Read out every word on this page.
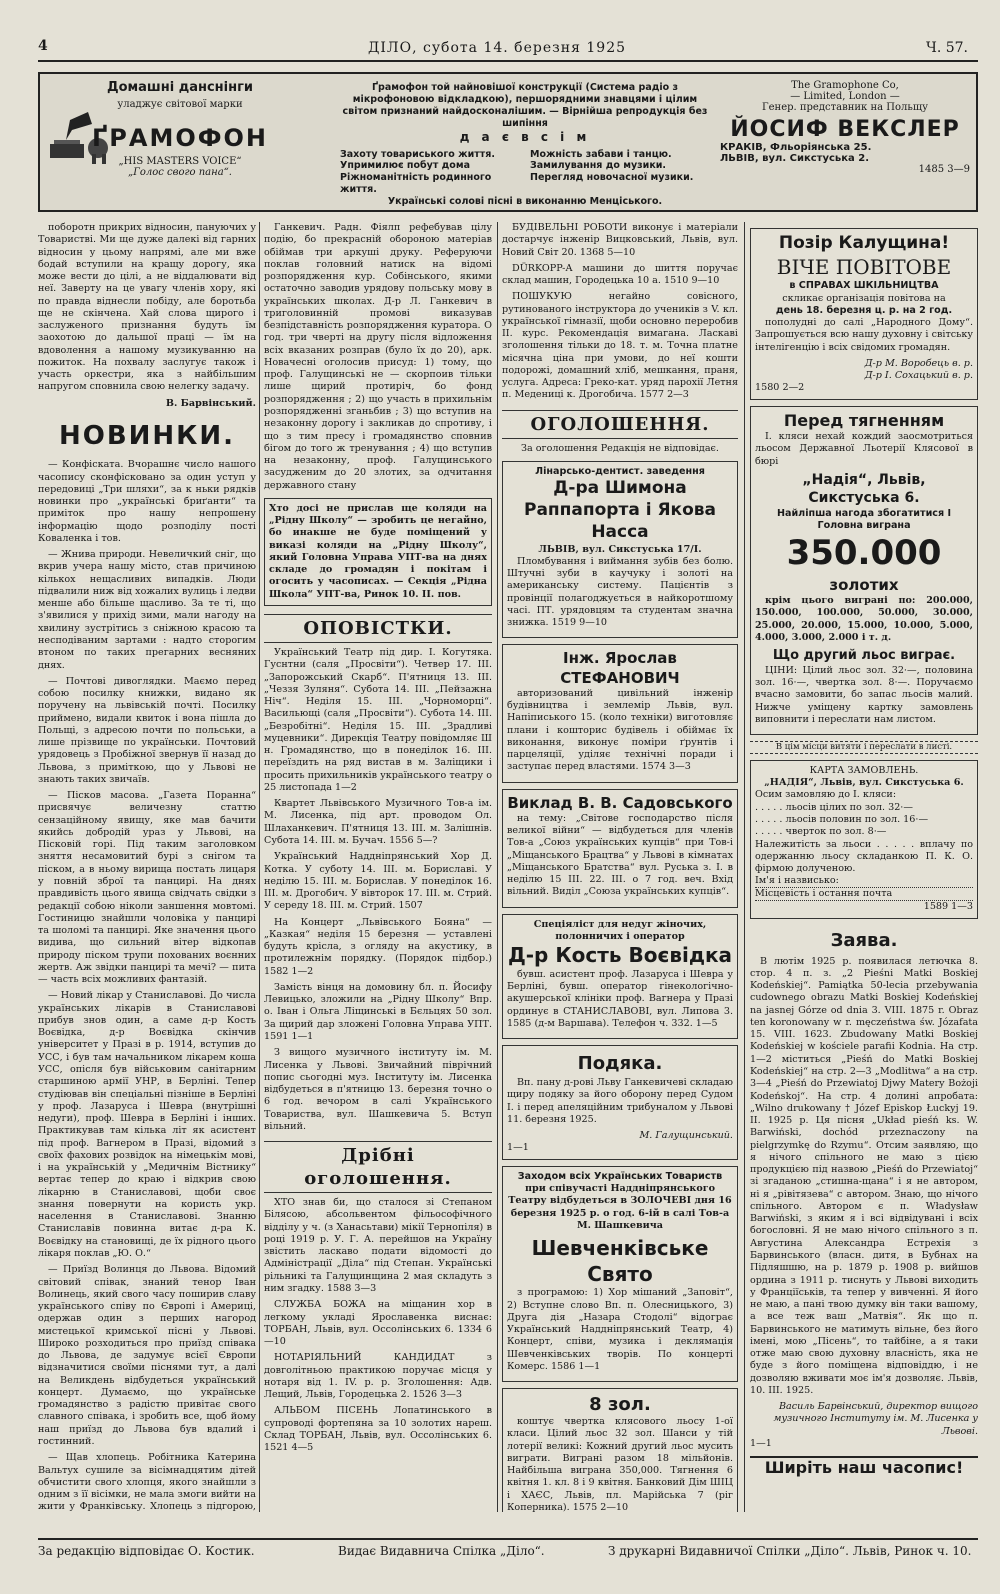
4	ДІЛО, субота 14. березня 1925	Ч. 57.
Домашні данснінги
уладжує світової марки
ҐРАМОФОН
„HIS MASTERS VOICE“
„Голос свого пана“.
Ґрамофон той найновішої конструкції (Система радіо з мікрофоновою відкладкою), першорядними знавцями і цілим світом признаний найдосконалішим. — Вірнійша репродукція без шипіння
д а є в с і м
Захоту товариського життя. Упримилює побут дома Ріжноманітність родинного життя.
Можність забави і танцю. Замилування до музики. Перегляд новочасної музики.
Українські солові пісні в виконанню Менціського.
The Gramophone Co,
— Limited, London —
Генер. представник на Польщу
ЙОСИФ ВЕКСЛЕР
КРАКІВ, Фльоріянська 25.
ЛЬВІВ, вул. Сикстуська 2.
1485 3—9

поборотн прикрих відносин, пануючих у Товаристві. Ми ще дуже далекі від гарних відносин у цьому напрямі, але ми вже бодай вступили на кращу дорогу, яка може вести до цілі, а не віддалювати від неї. Заверту на це увагу членів хору, які по правда віднесли побіду, але боротьба ще не скінчена. Хай слова щирого і заслуженого признання будуть їм заохотою до дальшої праці — їм на вдоволення а нашому музикуванню на пожиток. На похвалу заслугує також і участь оркестри, яка з найбільшим напругом сповнила свою нелегку задачу.

В. Барвінський.
НОВИНКИ.

— Конфіската. Вчорашнє число нашого часопису сконфісковано за один уступ у передовиці „Три шляхи“, за к ньки рядків новинки про „українські бриґанти“ та приміток про нашу непрошену інформацію щодо розподілу пості Коваленка і тов.

— Жнива природи. Невеличкий сніг, що вкрив учера нашу місто, став причиною кількох нещасливих випадків. Люди підвалили ниж від хожалих вулиць і ледви менше або більше щасливо. За те ті, що з'явилися у прихід зими, мали нагоду на хвилину зустрітись з сніжною красою та несподіваним зартами : надто сторогим втоном по таких прегарних весняних днях.

— Почтові дивоглядки. Маємо перед собою посилку книжки, видано як поручену на львівській почті. Посилку приймено, видали квиток і вона пішла до Польщі, з адресою почти по польськи, а лише прізвище по українськи. Почтовий урядовець з Пробіжної звернув її назад до Львова, з приміткою, що у Львові не знають таких звичаїв.

— Пісков масова. „Газета Поранна“ присвячує величезну статтю сензаційному явищу, яке мав бачити якийсь добродій ураз у Львові, на Пісковій горі. Під таким заголовком зняття несамовитий бурі з снігом та піском, а в ньому вирища постать лицаря у повній зброї та панцирі. На днях правдивість цього явища свідчать свідки з редакції собою ніколи заншення мовтомі. Гостиницю знайшли чоловіка у панцирі та шоломі та панцирі. Яке значення цього видива, що сильний вітер відкопав природу піском трупи похованих воєнних жертв. Аж звідки панцирі та мечі? — пита — часть всіх можливих фантазій.

— Новий лікар у Станиславові. До числа українських лікарів в Станиславові прибув знов один, а саме д-р Кость Воєвідка, д-р Воєвідка скінчив університет у Празі в р. 1914, вступив до УСС, і був там начальником лікарем коша УСС, опісля був військовим санітарним старшиною армії УНР, в Берліні. Тепер студіював він спеціальні пізніше в Берліні у проф. Лазаруса і Шевра (внутрішні недуги), проф. Шевра в Берліні і інших. Практикував там кілька літ як асистент під проф. Вагнером в Празі, відомий з своїх фахових розвідок на німецькім мові, і на українській у „Медичнім Вістнику“ вертає тепер до краю і відкрив свою лікарню в Станиславові, щоби своє знання повернути на користь укр. населення в Станиславові. Знанню Станиславів повинна витає д-ра К. Воєвідку на становищі, де їх рідного цього лікаря поклав „Ю. О.“

— Приїзд Волинця до Львова. Відомий світовий співак, знаний тенор Іван Волинець, який свого часу поширив славу українського співу по Європі і Америці, одержав один з перших нагород мистецької кримської пісні у Львові. Широко розходиться про приїзд співака до Львова, де задумує всієї Європи відзначитися своїми піснями тут, а далі на Великдень відбудеться український концерт. Думаємо, що українське громадянство з радістю привітає свого славного співака, і зробить все, щоб йому наш приїзд до Львова був вдалий і гостинний.

— Щав хлопець. Робітника Катерина Вальтух сушиле за вісімнадцятим дітей обчистити свого хлопця, якого знайшли з одним з її вісімки, не мала змоги вийти на жити у Франківську. Хлопець з підгорою,

Ганкевич. Радн. Фіялп рефебував цілу подію, бо прекрасній обороною матеріав обіймав три аркуші друку. Реферуючи поклав головний натиск на відомі розпорядження кур. Собінського, якими остаточно заводив урядову польську мову в українських школах. Д-р Л. Ганкевич в триголовинній промові виказував безпідставність розпорядження куратора. О год. три чверті на другу після відложення всіх вказаних розправ (було їх до 20), арк. Новачесні оголосив присуд: 1) тому, що проф. Галущинські не — скорпоив тільки лише щирий протиріч, бо фонд розпорядження ; 2) що участь в прихильнім розпорядженні зганьбив ; 3) що вступив на незаконну дорогу і закликав до спротиву, і що з тим пресу і громадянство сповнив бігом до того ж тренування ; 4) що вступив на незаконну, проф. Галущинського засудженим до 20 злотих, за одчитання державного стану

Хто досі не прислав ще коляди на „Рідну Школу“ — зробить це негайно, бо инакше не буде поміщений у виказі коляди на „Рідну Школу“, який Головна Управа УПТ-ва на днях складе до громадян і покітам і огосить у часописах. — Секція „Рідна Школа“ УПТ-ва, Ринок 10. II. пов.
ОПОВІСТКИ.

Український Театр під дир. І. Когутяка. Гуснтни (саля „Просвіти“). Четвер 17. ІІІ. „Запорожський Скарб“. П'ятниця 13. ІІІ. „Чеззя Зуляня“. Субота 14. ІІІ. „Пейзажна Ніч“. Неділя 15. ІІІ. „Чорноморці“. Васильющі (саля „Просвіти“). Субота 14. ІІІ. „Безробітні“. Неділя 15. ІІІ. „Зрадливі муцевники“. Дирекція Театру повідомляє Ш н. Громадянство, що в понеділок 16. ІІІ. переїздить на ряд вистав в м. Заліщики і просить прихильників українського театру о 25 листопада 1—2

Квартет Львівського Музичного Тов-а ім. М. Лисенка, під арт. проводом Ол. Шлаханкевич. П'ятниця 13. ІІІ. м. Залішнів. Субота 14. ІІІ. м. Бучач. 1556 5—?

Український Наддніпрянський Хор Д. Котка. У суботу 14. ІІІ. м. Бориславі. У неділю 15. ІІІ. м. Борислав. У понеділок 16. ІІІ. м. Дрогобич. У вівторок 17. ІІІ. м. Стрий. У середу 18. ІІІ. м. Стрий. 1507

На Концерт „Львівського Бояна“ — „Казкая“ неділя 15 березня — уставлені будуть крісла, з огляду на акустику, в протилежнім порядку. (Порядок підбор.) 1582 1—2

Замість вінця на домовину бл. п. Йосифу Левицько, зложили на „Рідну Школу“ Впр. о. Іван і Ольга Ліщинські в Бєльцях 50 зол. За щирий дар зложені Головна Управа УПТ. 1591 1—1

З вищого музичного інституту ім. М. Лисенка у Львові. Звичайний піврічний попис сьогодні муз. Інституту ім. Лисенка відбудеться в п'ятницю 13. березня точно о 6 год. вечором в салі Українського Товариства, вул. Шашкевича 5. Вступ вільний.

Дрібні оголошення.

ХТО знав би, що сталося зі Степаном Білясою, абсольвентом фільософічного відділу у ч. (з Ханасьтави) мікії Тернопіля) в році 1919 р. У. Г. А. перейшов на Україну звістить ласкаво подати відомості до Адміністрації „Діла“ під Степан. Українські рільникі та Галущинщина 2 мая складуть з ним згадку. 1588 3—3

СЛУЖБА БОЖА на міщанин хор в легкому укладі Ярославенка виснає: ТОРБАН, Львів, вул. Оссолінських 6. 1334 6—10

НОТАРІЯЛЬНИЙ КАНДИДАТ з довголітньою практикою поручає місця у нотаря від 1. ІV. р. р. Зголошення: Адв. Лещий, Львів, Городецька 2. 1526 3—3

АЛЬБОМ ПІСЕНЬ Лопатинського в супроводі фортепяна за 10 золотих нареш. Склад ТОРБАН, Львів, вул. Оссолінських 6. 1521 4—5

БУДІВЕЛЬНІ РОБОТИ виконує і матеріали достарчує інженір Вицковський, Львів, вул. Новий Світ 20. 1368 5—10

DÜRKOPP-А машини до шиття поручає склад машин, Городецька 10 а. 1510 9—10

ПОШУКУЮ негайно совісного, рутинованого інструктора до учеників з V. кл. української гімназії, щоби основно переробив II. курс. Рекомендація вимагана. Ласкаві зголошення тільки до 18. т. м. Точна платне місячна ціна при умови, до неї кошти подорожі, домашний хліб, мешкання, праня, услуга. Адреса: Греко-кат. уряд парохії Летня п. Медениці к. Дрогобича. 1577 2—3

ОГОЛОШЕННЯ.
За оголошення Редакція не відповідає.
Лінарсько-дентист. заведення
Д-ра Шимона Раппапорта і Якова Насса
ЛЬВІВ, вул. Сикстуська 17/І.

Пломбування і виймання зубів без болю. Штучні зуби в каучуку і золоті на американську систему. Пацієнтів з провінції полагоджується в найкоротшому часі. ПТ. урядовцям та студентам значна знижка. 1519 9—10

Інж. Ярослав СТЕФАНОВИЧ

авторизований цивільний інженір будівництва і землемір Львів, вул. Напіписького 15. (коло техніки) виготовляє плани і кошторис будівель і обіймає їх виконання, виконує поміри ґрунтів і парцеляції, уділяє технічні поради і заступає перед властями. 1574 3—3

Виклад В. В. Садовського

на тему: „Світове господарство після великої війни“ — відбудеться для членів Тов-а „Союз українських купців“ при Тов-і „Міщанського Брацтва“ у Львові в кімнатах „Міщанського Братства“ вул. Руська з. І. в неділю 15 ІІІ. 22. ІІІ. о 7 год. веч. Вхід вільний. Виділ „Союза українських купців“.

Спеціяліст для недуг жіночих, полонничих і оператор
Д-р Кость Воєвідка

бувш. асистент проф. Лазаруса і Шевра у Берліні, бувш. оператор гінекологічно-акушерської клініки проф. Вагнера у Празі ординує в СТАНИСЛАВОВІ, вул. Липова 3. 1585 (д-м Варшава). Телефон ч. 332. 1—5

Подяка.

Вп. пану д-рові Льву Ганкевичеві складаю щиру подяку за його оборону перед Судом І. і перед апеляційним трибуналом у Львові 11. березня 1925.

М. Галущинський.
1—1
Заходом всіх Українських Товариств

при співучасті Наддніпрянського Театру відбудеться в ЗОЛОЧЕВІ дня 16 березня 1925 р. о год. 6-ій в салі Тов-а М. Шашкевича

Шевченківське Свято

з програмою: 1) Хор мішаний „Заповіт“, 2) Вступне слово Вп. п. Олесницького, 3) Друга дія „Назара Стодолі“ відограє Український Наддніпрянський Театр, 4) Концерт, співи, музика і деклямація Шевченківських творів. По концерті Комерс. 1586 1—1

8 зол.

коштує чвертка клясового льосу 1-ої класи. Цілий льос 32 зол. Шанси у тій лотерії великі: Кожний другий льос мусить виграти. Виграні разом 18 мільйонів. Найбільша виграна 350,000. Тягнення 6 квітня 1. кл. 8 і 9 квітня. Банковий Дім ШІЦ і ХАЄС, Львів, пл. Марійська 7 (ріг Коперника). 1575 2—10

Позір Калущина!
ВІЧЕ ПОВІТОВЕ
в СПРАВАХ ШКІЛЬНИЦТВА
скликає організація повітова на
день 18. березня ц. р. на 2 год.

пополудні до салі „Народного Дому“. Запрошується всю нашу духовну і світську інтелігенцію і всіх свідомих громадян.

Д-р М. Воробець в. р.
Д-р І. Сохацький в. р.
1580 2—2
Перед тягненням

I. кляси нехай кождий заосмотриться льосом Державної Льотерії Клясової в бюрі

„Надія“, Львів, Сикстуська 6.
Найліпша нагода збогатитися І Головна виграна
350.000 золотих

крім цього виграні по: 200.000, 150.000, 100.000, 50.000, 30.000, 25.000, 20.000, 15.000, 10.000, 5.000, 4.000, 3.000, 2.000 і т. д.

Що другий льос виграє.

ЦІНИ: Цілий льос зол. 32·—, половина зол. 16·—, чвертка зол. 8·—. Поручаємо вчасно замовити, бо запас льосів малий. Нижче уміщену картку замовлень виповнити і переслати нам листом.

В цім місци витяти і переслати в листі.
КАРТА ЗАМОВЛЕНЬ.
„НАДІЯ“, Львів, вул. Сикстуська 6.
Осим замовляю до I. кляси:
. . . . . льосів цілих по зол. 32·—
. . . . . льосів половин по зол. 16·—
. . . . . чверток по зол. 8·—
Належитість за льоси . . . . . вплачу по одержанню льосу складанкою П. К. О. фірмою долученою.
Ім'я і назвисько:
Місцевість і остання почта
1589 1—3
Заява.

В лютім 1925 р. появилася летючка 8. стор. 4 п. з. „2 Pieśni Matki Boskiej Kodeńskiej“. Pamiątka 50-lecia przebywania cudownego obrazu Matki Boskiej Kodeńskiej na jasnej Górze od dnia 3. VIII. 1875 r. Obraz ten koronowany w r. męczeństwa św. Józafata 15. VIII. 1623. Zbudowany Matki Boskiej Kodeńskiej w kościele parafii Kodnia. На стр. 1—2 міститься „Pieśń do Matki Boskiej Kodeńskiej“ на стр. 2—3 „Modlitwa“ а на стр. 3—4 „Pieśń do Przewiatoj Djwy Matery Bożoji Kodeńskoj“. На стр. 4 долині апробата: „Wilno drukowany † Józef Episkop Łuckyj 19. II. 1925 р. Ця пісня „Układ pieśń ks. W. Barwiński, dochód przeznaczony na pielgrzymkę do Rzymu“. Отсим заявляю, що я нічого спільного не маю з цією продукцією під назвою „Pieśń do Przewiatoj“ зі згаданою „стишна-щана“ і я не автором, ні я „рівітязева“ с автором. Знаю, що нічого спільного. Автором є п. Władysław Barwiński, з яким я і всі відвідувані і всіх богословні. Я не маю нічого спільного з п. Августина Александра Естрехія з Барвинського (власн. дитя, в Бубнах на Підляшшю, на р. 1879 р. 1908 р. вийшов ордина з 1911 р. тиснуть у Львові виходить у Франціїськів, та тепер у вивченні. Я його не маю, а пані твою думку він таки вашому, а все теж ваш „Матвія“. Як що п. Барвинського не матимуть вільне, без його імені, мою „Пісень“, то тайбіне, а я таки отже маю свою духовну власність, яка не буде з його поміщена відповіддю, і не дозволяю вживати моє ім'я дозволяє. Львів, 10. ІІІ. 1925.

Василь Барвінський, директор вищого музичного Інституту ім. М. Лисенка у Львові.
1—1
Ширіть наш часопис!
За редакцію відповідає О. Костик.	Видає Видавнича Спілка „Діло“.	З друкарні Видавничої Спілки „Діло“. Львів, Ринок ч. 10.
